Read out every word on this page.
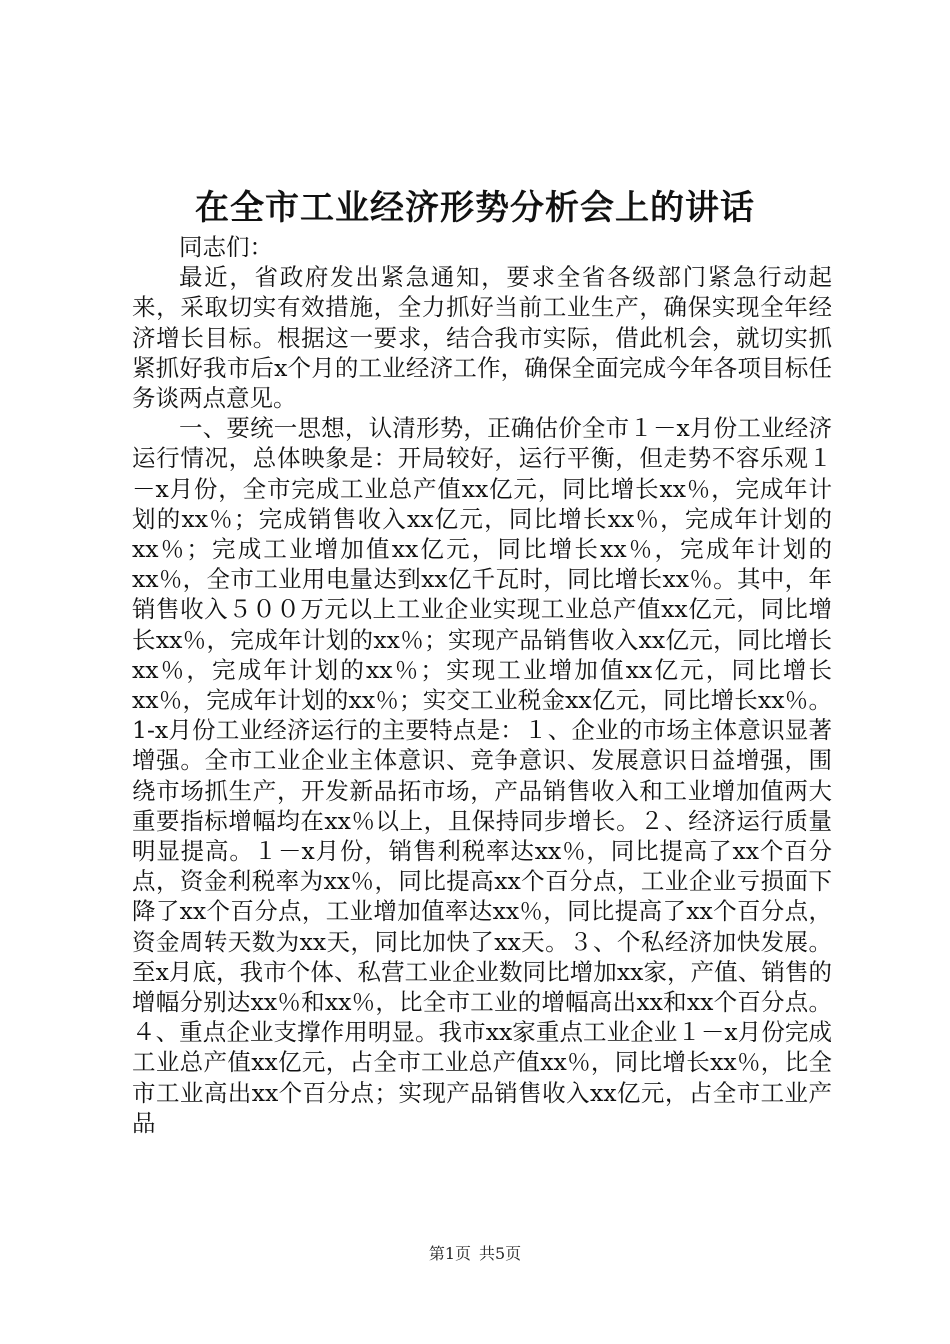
在全市工业经济形势分析会上的讲话

同志们：

最近，省政府发出紧急通知，要求全省各级部门紧急行动起来，采取切实有效措施，全力抓好当前工业生产，确保实现全年经济增长目标。根据这一要求，结合我市实际，借此机会，就切实抓紧抓好我市后x个月的工业经济工作，确保全面完成今年各项目标任务谈两点意见。

一、要统一思想，认清形势，正确估价全市１－x月份工业经济运行情况，总体映象是：开局较好，运行平衡，但走势不容乐观１－x月份，全市完成工业总产值xx亿元，同比增长xx％，完成年计划的xx％；完成销售收入xx亿元，同比增长xx％，完成年计划的xx％；完成工业增加值xx亿元，同比增长xx％，完成年计划的xx％，全市工业用电量达到xx亿千瓦时，同比增长xx％。其中，年销售收入５００万元以上工业企业实现工业总产值xx亿元，同比增长xx％，完成年计划的xx％；实现产品销售收入xx亿元，同比增长xx％，完成年计划的xx％；实现工业增加值xx亿元，同比增长xx％，完成年计划的xx％；实交工业税金xx亿元，同比增长xx％。1-x月份工业经济运行的主要特点是：１、企业的市场主体意识显著增强。全市工业企业主体意识、竞争意识、发展意识日益增强，围绕市场抓生产，开发新品拓市场，产品销售收入和工业增加值两大重要指标增幅均在xx％以上，且保持同步增长。２、经济运行质量明显提高。１－x月份，销售利税率达xx％，同比提高了xx个百分点，资金利税率为xx％，同比提高xx个百分点，工业企业亏损面下降了xx个百分点，工业增加值率达xx％，同比提高了xx个百分点，资金周转天数为xx天，同比加快了xx天。３、个私经济加快发展。至x月底，我市个体、私营工业企业数同比增加xx家，产值、销售的增幅分别达xx％和xx％，比全市工业的增幅高出xx和xx个百分点。４、重点企业支撑作用明显。我市xx家重点工业企业１－x月份完成工业总产值xx亿元，占全市工业总产值xx％，同比增长xx％，比全市工业高出xx个百分点；实现产品销售收入xx亿元，占全市工业产品

第1页 共5页
